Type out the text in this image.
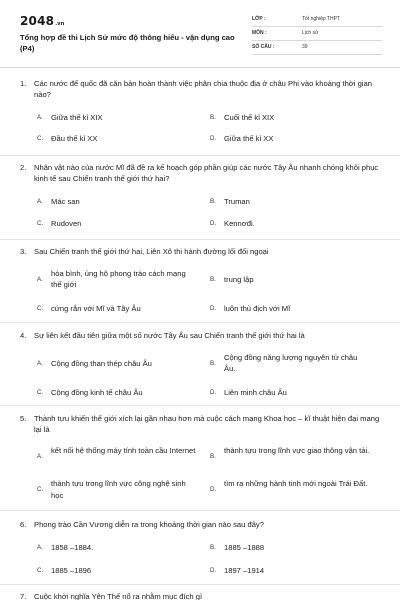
2048.vn
Tổng hợp đề thi Lịch Sử mức độ thông hiểu - vận dụng cao (P4)
LỚP :	Tốt nghiệp THPT
MÔN :	Lịch sử
SỐ CÂU :	39
1. Các nước đế quốc đã căn bản hoàn thành việc phân chia thuộc địa ở châu Phi vào khoảng thời gian nào?
A. Giữa thế kỉ XIX	B. Cuối thế kỉ XIX
C. Đầu thế kỉ XX	D. Giữa thế kỉ XX
2. Nhân vật nào của nước Mĩ đã đề ra kế hoạch góp phần giúp các nước Tây Âu nhanh chóng khôi phục kinh tế sau Chiến tranh thế giới thứ hai?
A. Mác san	B. Truman
C. Rudoven	D. Kennơđi.
3. Sau Chiến tranh thế giới thứ hai, Liên Xô thi hành đường lối đối ngoại
A.
hòa bình, ủng hộ phong trào cách mạng thế giới
B. trung lập
C. cứng rắn với Mĩ và Tây Âu	D. luôn thù địch với Mĩ
4. Sự liên kết đầu tiên giữa một số nước Tây Âu sau Chiến tranh thế giới thứ hai là
A. Cộng đồng than thép châu Âu	B.
Cộng đồng năng lượng nguyên tử châu Âu.
C. Cộng đồng kinh tế châu Âu	D. Liên minh châu Âu
5. Thành tựu khiến thế giới xích lại gần nhau hơn mà cuộc cách mạng Khoa học – kĩ thuật hiện đại mang lại là
A.
kết nối hệ thống máy tính toàn cầu Internet
B.
thành tựu trong lĩnh vực giao thông vận tải.
C.
thành tựu trong lĩnh vực công nghệ sinh học
D.
tìm ra những hành tinh mới ngoài Trái Đất.
6. Phong trào Cần Vương diễn ra trong khoảng thời gian nào sau đây?
A. 1858 –1884.	B. 1885 –1888
C. 1885 –1896	D. 1897 –1914
7. Cuộc khởi nghĩa Yên Thế nổ ra nhằm mục đích gì
